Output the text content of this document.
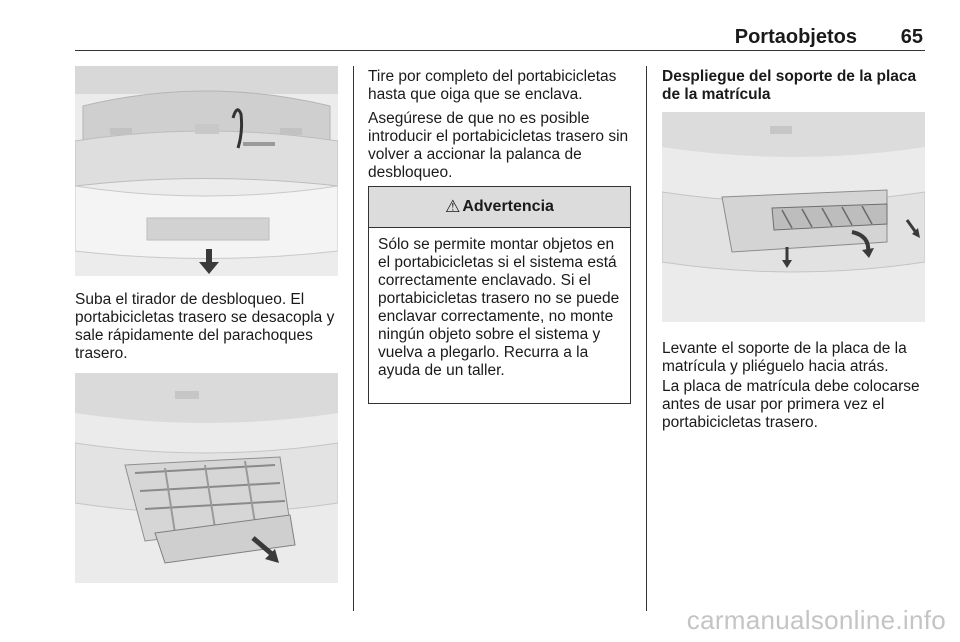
Portaobjetos 65

Suba el tirador de desbloqueo. El portabicicletas trasero se desacopla y sale rápidamente del parachoques trasero.

Tire por completo del portabicicletas hasta que oiga que se enclava.

Asegúrese de que no es posible introducir el portabicicletas trasero sin volver a accionar la palanca de desbloqueo.

⚠ Advertencia

Sólo se permite montar objetos en el portabicicletas si el sistema está correctamente enclavado. Si el portabicicletas trasero no se puede enclavar correctamente, no monte ningún objeto sobre el sistema y vuelva a plegarlo. Recurra a la ayuda de un taller.

Despliegue del soporte de la placa de la matrícula

Levante el soporte de la placa de la matrícula y pliéguelo hacia atrás.

La placa de matrícula debe colocarse antes de usar por primera vez el portabicicletas trasero.

carmanualsonline.info
